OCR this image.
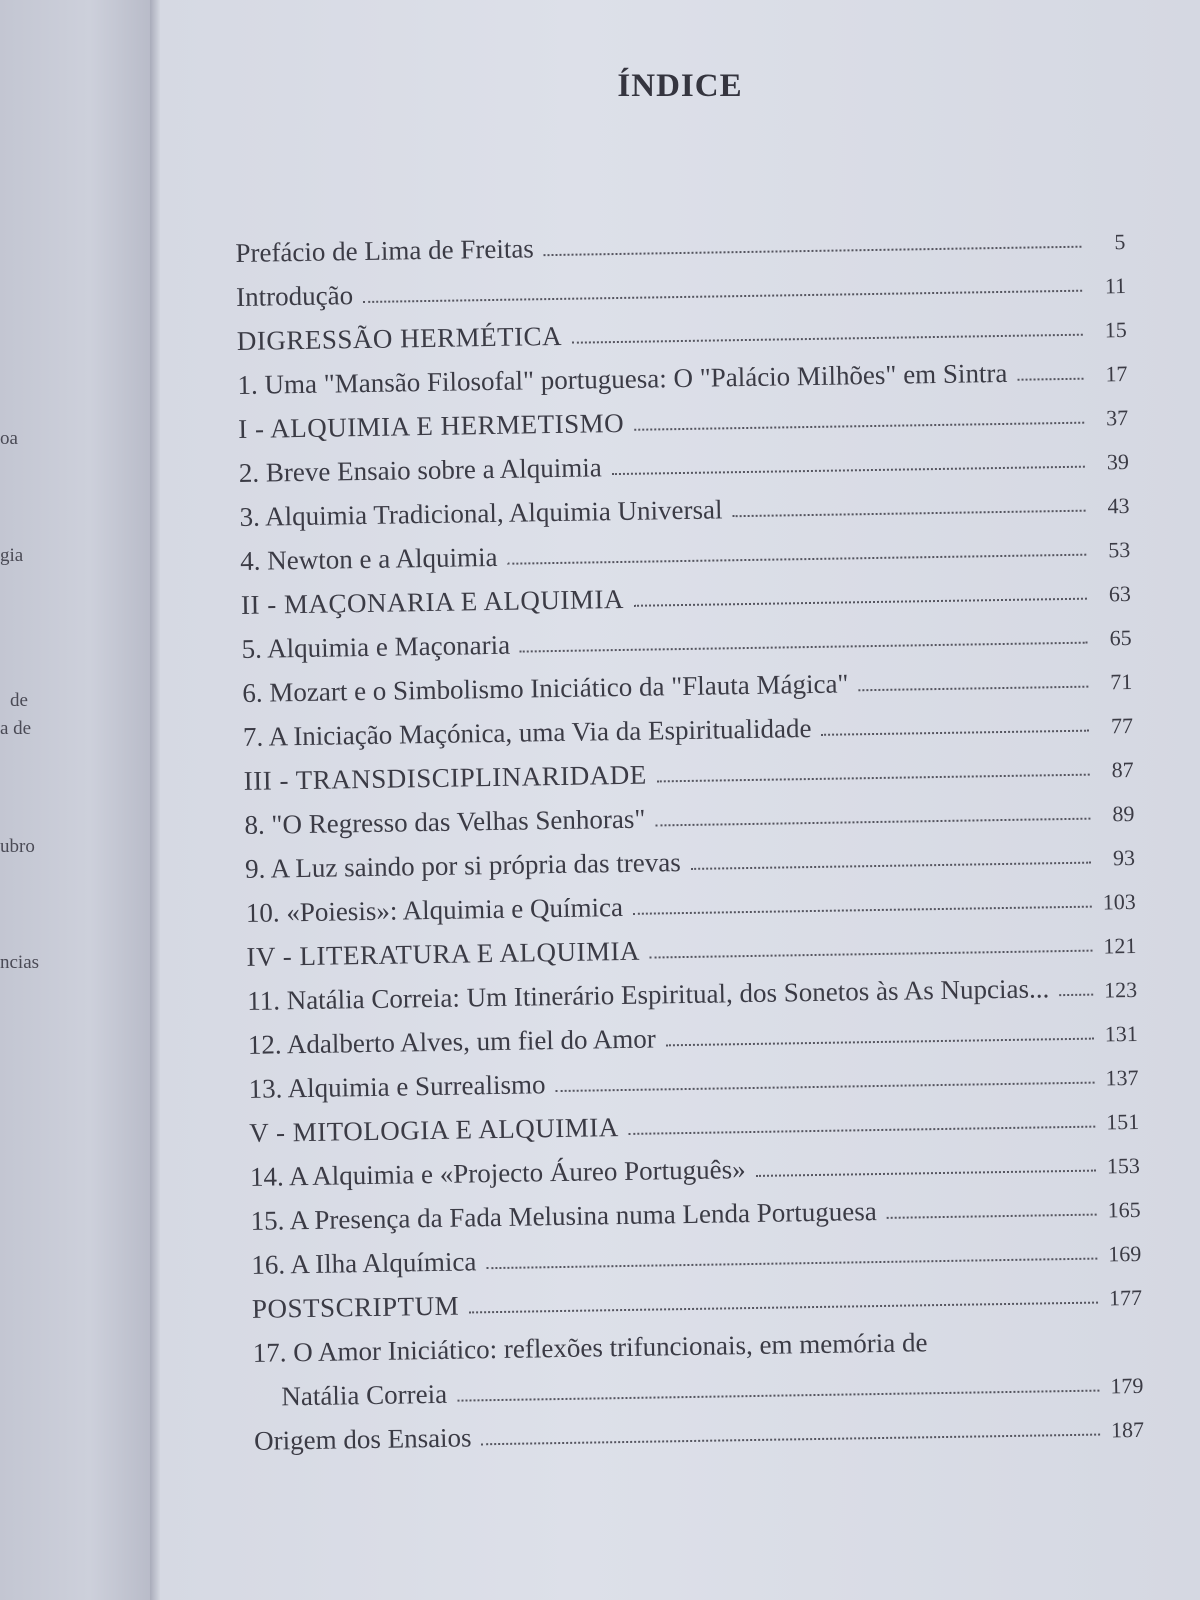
oa
gia
de
a de
ubro
ncias
ÍNDICE
Prefácio de Lima de Freitas	5
Introdução	11
DIGRESSÃO HERMÉTICA	15
1. Uma "Mansão Filosofal" portuguesa: O "Palácio Milhões" em Sintra	17
I - ALQUIMIA E HERMETISMO	37
2. Breve Ensaio sobre a Alquimia	39
3. Alquimia Tradicional, Alquimia Universal	43
4. Newton e a Alquimia	53
II - MAÇONARIA E ALQUIMIA	63
5. Alquimia e Maçonaria	65
6. Mozart e o Simbolismo Iniciático da "Flauta Mágica"	71
7. A Iniciação Maçónica, uma Via da Espiritualidade	77
III - TRANSDISCIPLINARIDADE	87
8. "O Regresso das Velhas Senhoras"	89
9. A Luz saindo por si própria das trevas	93
10. «Poiesis»: Alquimia e Química	103
IV - LITERATURA E ALQUIMIA	121
11. Natália Correia: Um Itinerário Espiritual, dos Sonetos às As Nupcias... 123
12. Adalberto Alves, um fiel do Amor	131
13. Alquimia e Surrealismo	137
V - MITOLOGIA E ALQUIMIA	151
14. A Alquimia e «Projecto Áureo Português»	153
15. A Presença da Fada Melusina numa Lenda Portuguesa	165
16. A Ilha Alquímica	169
POSTSCRIPTUM	177
17. O Amor Iniciático: reflexões trifuncionais, em memória de
Natália Correia	179
Origem dos Ensaios	187
